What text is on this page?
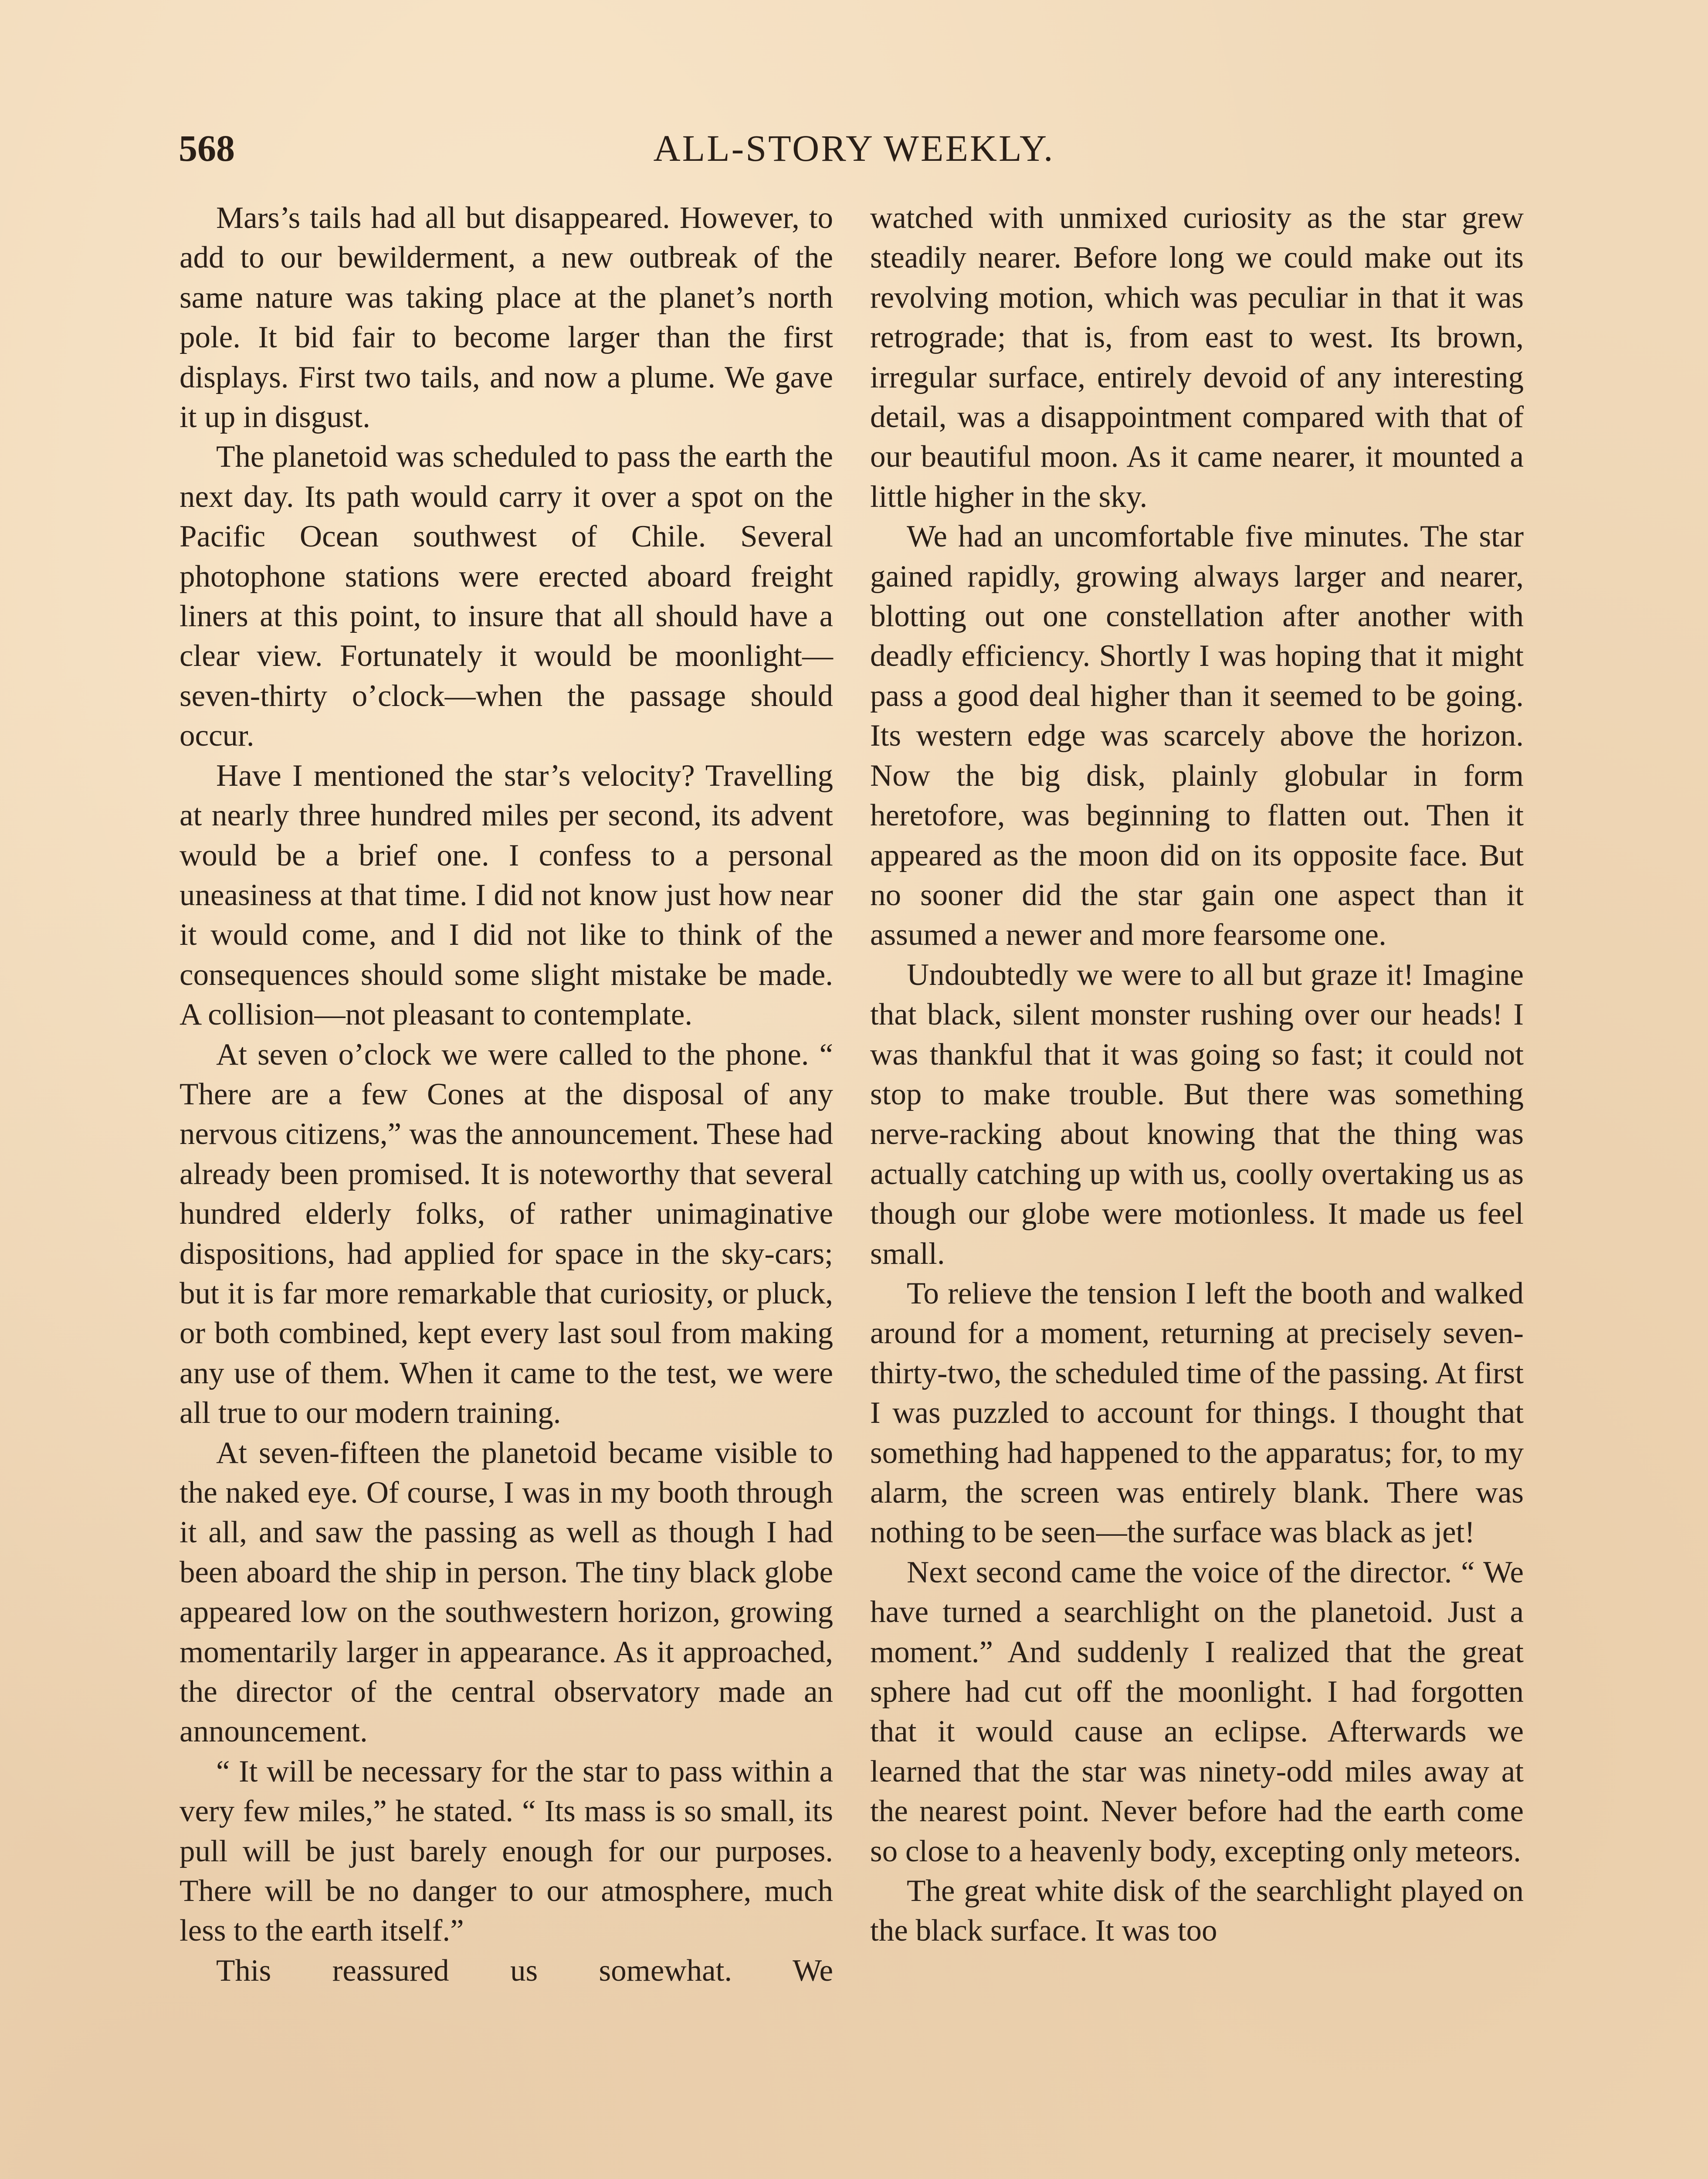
568	ALL-STORY WEEKLY.

Mars’s tails had all but disappeared. However, to add to our bewilderment, a new outbreak of the same nature was taking place at the planet’s north pole. It bid fair to become larger than the first displays. First two tails, and now a plume. We gave it up in disgust.

The planetoid was scheduled to pass the earth the next day. Its path would carry it over a spot on the Pacific Ocean southwest of Chile. Several photophone stations were erected aboard freight liners at this point, to insure that all should have a clear view. Fortunately it would be moonlight—seven-thirty o’clock—when the passage should occur.

Have I mentioned the star’s velocity? Travelling at nearly three hundred miles per second, its advent would be a brief one. I confess to a personal uneasiness at that time. I did not know just how near it would come, and I did not like to think of the consequences should some slight mistake be made. A collision—not pleasant to contemplate.

At seven o’clock we were called to the phone. “ There are a few Cones at the disposal of any nervous citizens,” was the announcement. These had already been promised. It is noteworthy that several hundred elderly folks, of rather unimaginative dispositions, had applied for space in the sky-cars; but it is far more remarkable that curiosity, or pluck, or both combined, kept every last soul from making any use of them. When it came to the test, we were all true to our modern training.

At seven-fifteen the planetoid became visible to the naked eye. Of course, I was in my booth through it all, and saw the passing as well as though I had been aboard the ship in person. The tiny black globe appeared low on the southwestern horizon, growing momentarily larger in appearance. As it approached, the director of the central observatory made an announcement.

“ It will be necessary for the star to pass within a very few miles,” he stated. “ Its mass is so small, its pull will be just barely enough for our purposes. There will be no danger to our atmosphere, much less to the earth itself.”

This reassured us somewhat. We

watched with unmixed curiosity as the star grew steadily nearer. Before long we could make out its revolving motion, which was peculiar in that it was retrograde; that is, from east to west. Its brown, irregular surface, entirely devoid of any interesting detail, was a disappointment compared with that of our beautiful moon. As it came nearer, it mounted a little higher in the sky.

We had an uncomfortable five minutes. The star gained rapidly, growing always larger and nearer, blotting out one constellation after another with deadly efficiency. Shortly I was hoping that it might pass a good deal higher than it seemed to be going. Its western edge was scarcely above the horizon. Now the big disk, plainly globular in form heretofore, was beginning to flatten out. Then it appeared as the moon did on its opposite face. But no sooner did the star gain one aspect than it assumed a newer and more fearsome one.

Undoubtedly we were to all but graze it! Imagine that black, silent monster rushing over our heads! I was thankful that it was going so fast; it could not stop to make trouble. But there was something nerve-racking about knowing that the thing was actually catching up with us, coolly overtaking us as though our globe were motionless. It made us feel small.

To relieve the tension I left the booth and walked around for a moment, returning at precisely seven-thirty-two, the scheduled time of the passing. At first I was puzzled to account for things. I thought that something had happened to the apparatus; for, to my alarm, the screen was entirely blank. There was nothing to be seen—the surface was black as jet!

Next second came the voice of the director. “ We have turned a searchlight on the planetoid. Just a moment.” And suddenly I realized that the great sphere had cut off the moonlight. I had forgotten that it would cause an eclipse. Afterwards we learned that the star was ninety-odd miles away at the nearest point. Never before had the earth come so close to a heavenly body, excepting only meteors.

The great white disk of the searchlight played on the black surface. It was too
